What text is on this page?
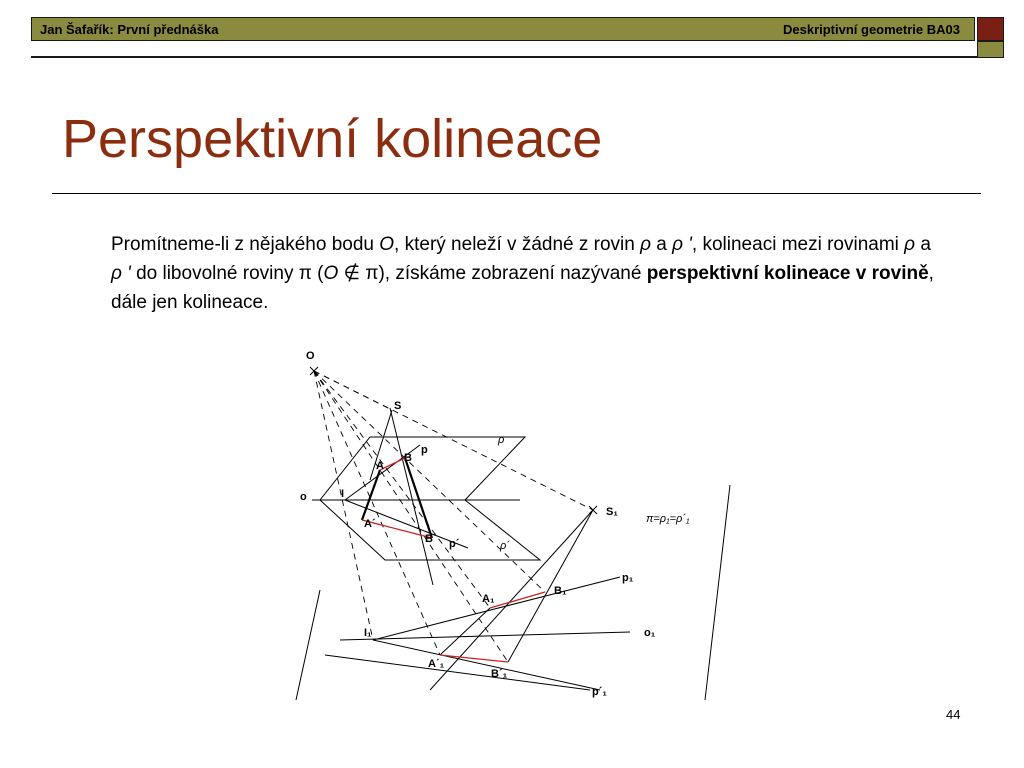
Jan Šafařík: První přednáška	Deskriptivní geometrie BA03
Perspektivní kolineace
Promítneme-li z nějakého bodu O, který neleží v žádné z rovin ρ a ρ ', kolineaci mezi rovinami ρ a ρ ' do libovolné roviny π (O ∉ π), získáme zobrazení nazývané perspektivní kolineace v rovině, dále jen kolineace.
O
S
ρ
p
A
B
o	I
A´
B´ p´	ρ´
S₁
π=ρ₁=ρ´₁
p₁
A₁
B₁
I₁	o₁
A´₁
B´₁
p´₁
44
